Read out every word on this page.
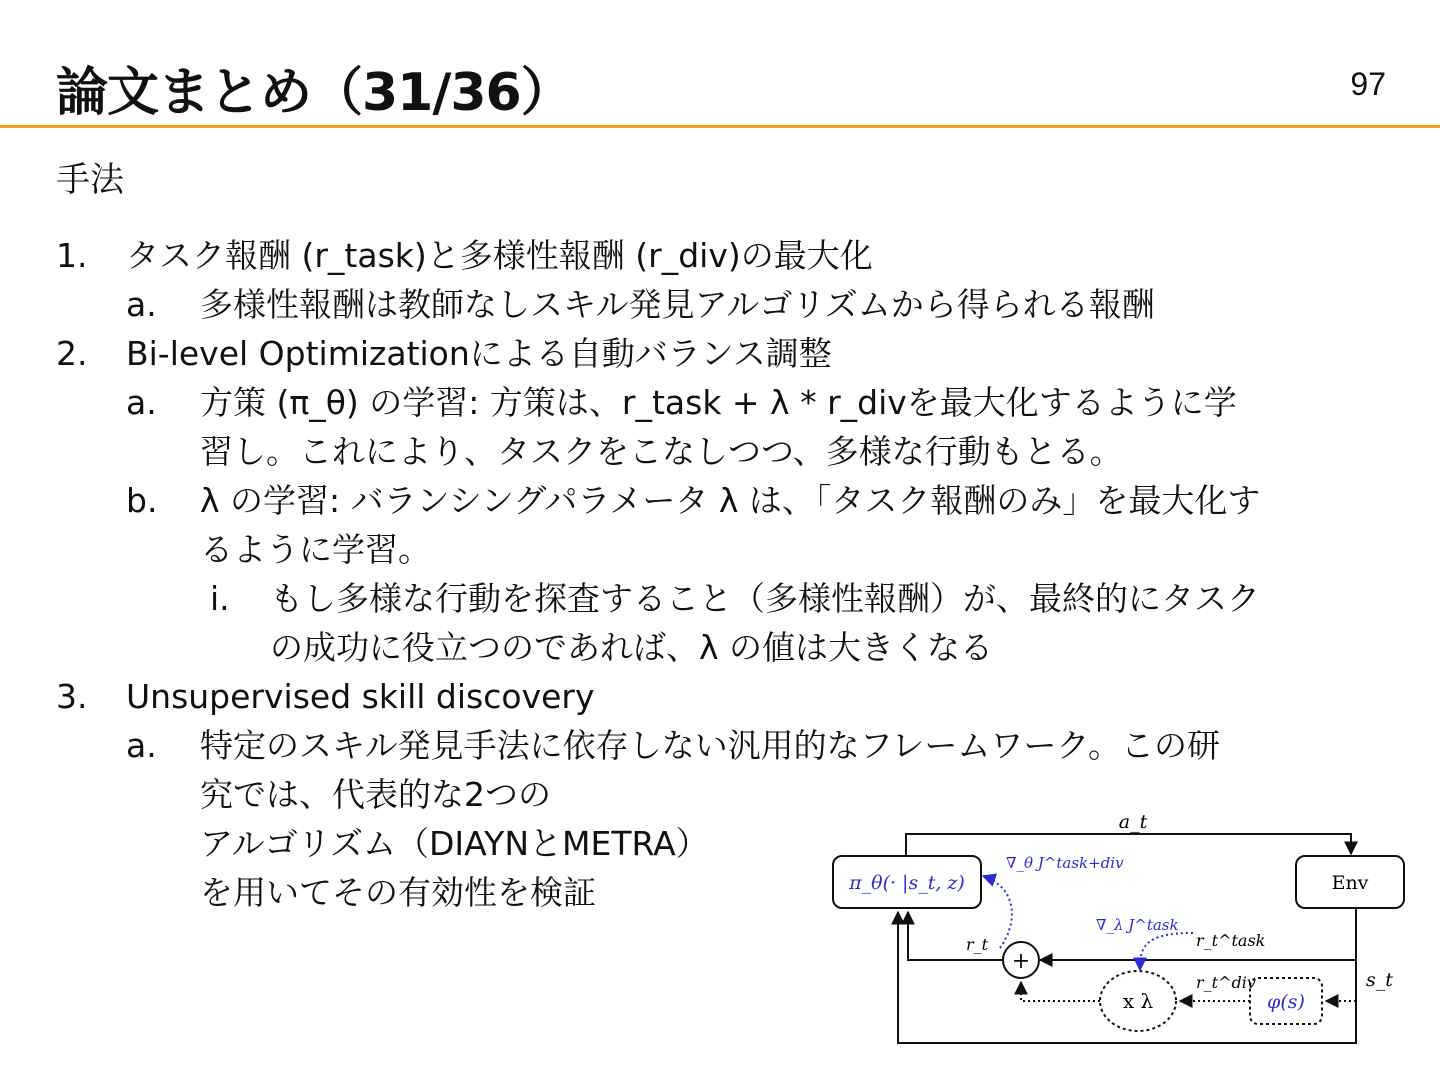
論文まとめ（31/36）	97
手法
1. タスク報酬 (r_task)と多様性報酬 (r_div)の最大化
a. 多様性報酬は教師なしスキル発見アルゴリズムから得られる報酬
2. Bi-level Optimizationによる自動バランス調整
a. 方策 (π_θ) の学習: 方策は、r_task + λ * r_divを最大化するように学
習し。これにより、タスクをこなしつつ、多様な行動もとる。
b. λ の学習: バランシングパラメータ λ は、「タスク報酬のみ」を最大化す
るように学習。
i. もし多様な行動を探査すること（多様性報酬）が、最終的にタスク
の成功に役立つのであれば、λ の値は大きくなる
3. Unsupervised skill discovery
a. 特定のスキル発見手法に依存しない汎用的なフレームワーク。この研
究では、代表的な2つの
アルゴリズム（DIAYNとMETRA）
を用いてその有効性を検証
a_t
π_θ(· |s_t, z)	Env
s_t
r_t^task
+
r_t
φ(s)
x λ
r_t^div
∇_λ J^task
∇_θ J^task+div
